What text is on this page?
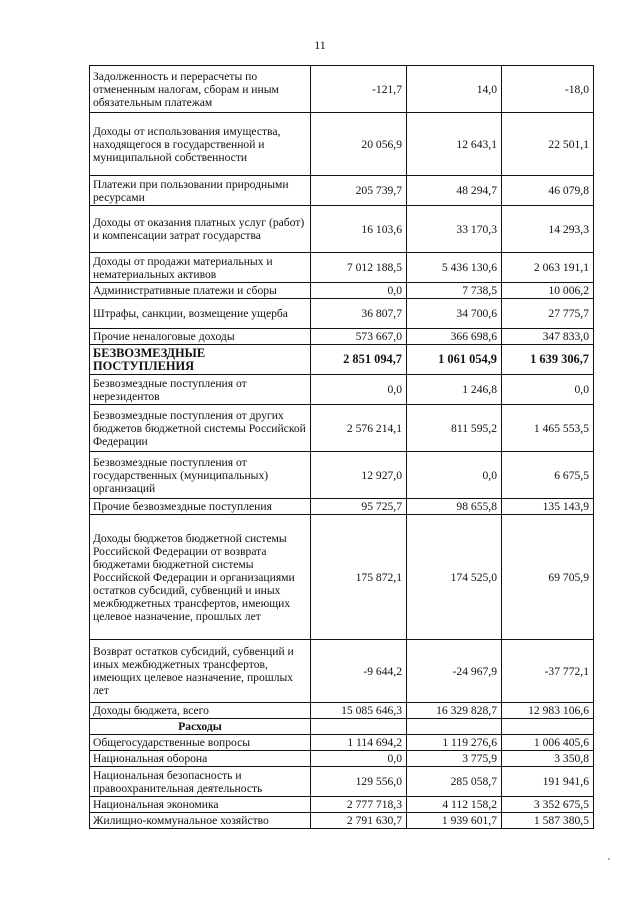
11
Задолженность и перерасчеты по отмененным налогам, сборам и иным обязательным платежам	-121,7	14,0	-18,0
Доходы от использования имущества, находящегося в государственной и муниципальной собственности	20 056,9	12 643,1	22 501,1
Платежи при пользовании природными ресурсами	205 739,7	48 294,7	46 079,8
Доходы от оказания платных услуг (работ) и компенсации затрат государства	16 103,6	33 170,3	14 293,3
Доходы от продажи материальных и нематериальных активов	7 012 188,5	5 436 130,6	2 063 191,1
Административные платежи и сборы	0,0	7 738,5	10 006,2
Штрафы, санкции, возмещение ущерба	36 807,7	34 700,6	27 775,7
Прочие неналоговые доходы	573 667,0	366 698,6	347 833,0
БЕЗВОЗМЕЗДНЫЕ ПОСТУПЛЕНИЯ	2 851 094,7	1 061 054,9	1 639 306,7
Безвозмездные поступления от нерезидентов	0,0	1 246,8	0,0
Безвозмездные поступления от других бюджетов бюджетной системы Российской Федерации	2 576 214,1	811 595,2	1 465 553,5
Безвозмездные поступления от государственных (муниципальных) организаций	12 927,0	0,0	6 675,5
Прочие безвозмездные поступления	95 725,7	98 655,8	135 143,9
Доходы бюджетов бюджетной системы Российской Федерации от возврата бюджетами бюджетной системы Российской Федерации и организациями остатков субсидий, субвенций и иных межбюджетных трансфертов, имеющих целевое назначение, прошлых лет	175 872,1	174 525,0	69 705,9
Возврат остатков субсидий, субвенций и иных межбюджетных трансфертов, имеющих целевое назначение, прошлых лет	-9 644,2	-24 967,9	-37 772,1
Доходы бюджета, всего	15 085 646,3	16 329 828,7	12 983 106,6
Расходы			
Общегосударственные вопросы	1 114 694,2	1 119 276,6	1 006 405,6
Национальная оборона	0,0	3 775,9	3 350,8
Национальная безопасность и правоохранительная деятельность	129 556,0	285 058,7	191 941,6
Национальная экономика	2 777 718,3	4 112 158,2	3 352 675,5
Жилищно-коммунальное хозяйство	2 791 630,7	1 939 601,7	1 587 380,5
